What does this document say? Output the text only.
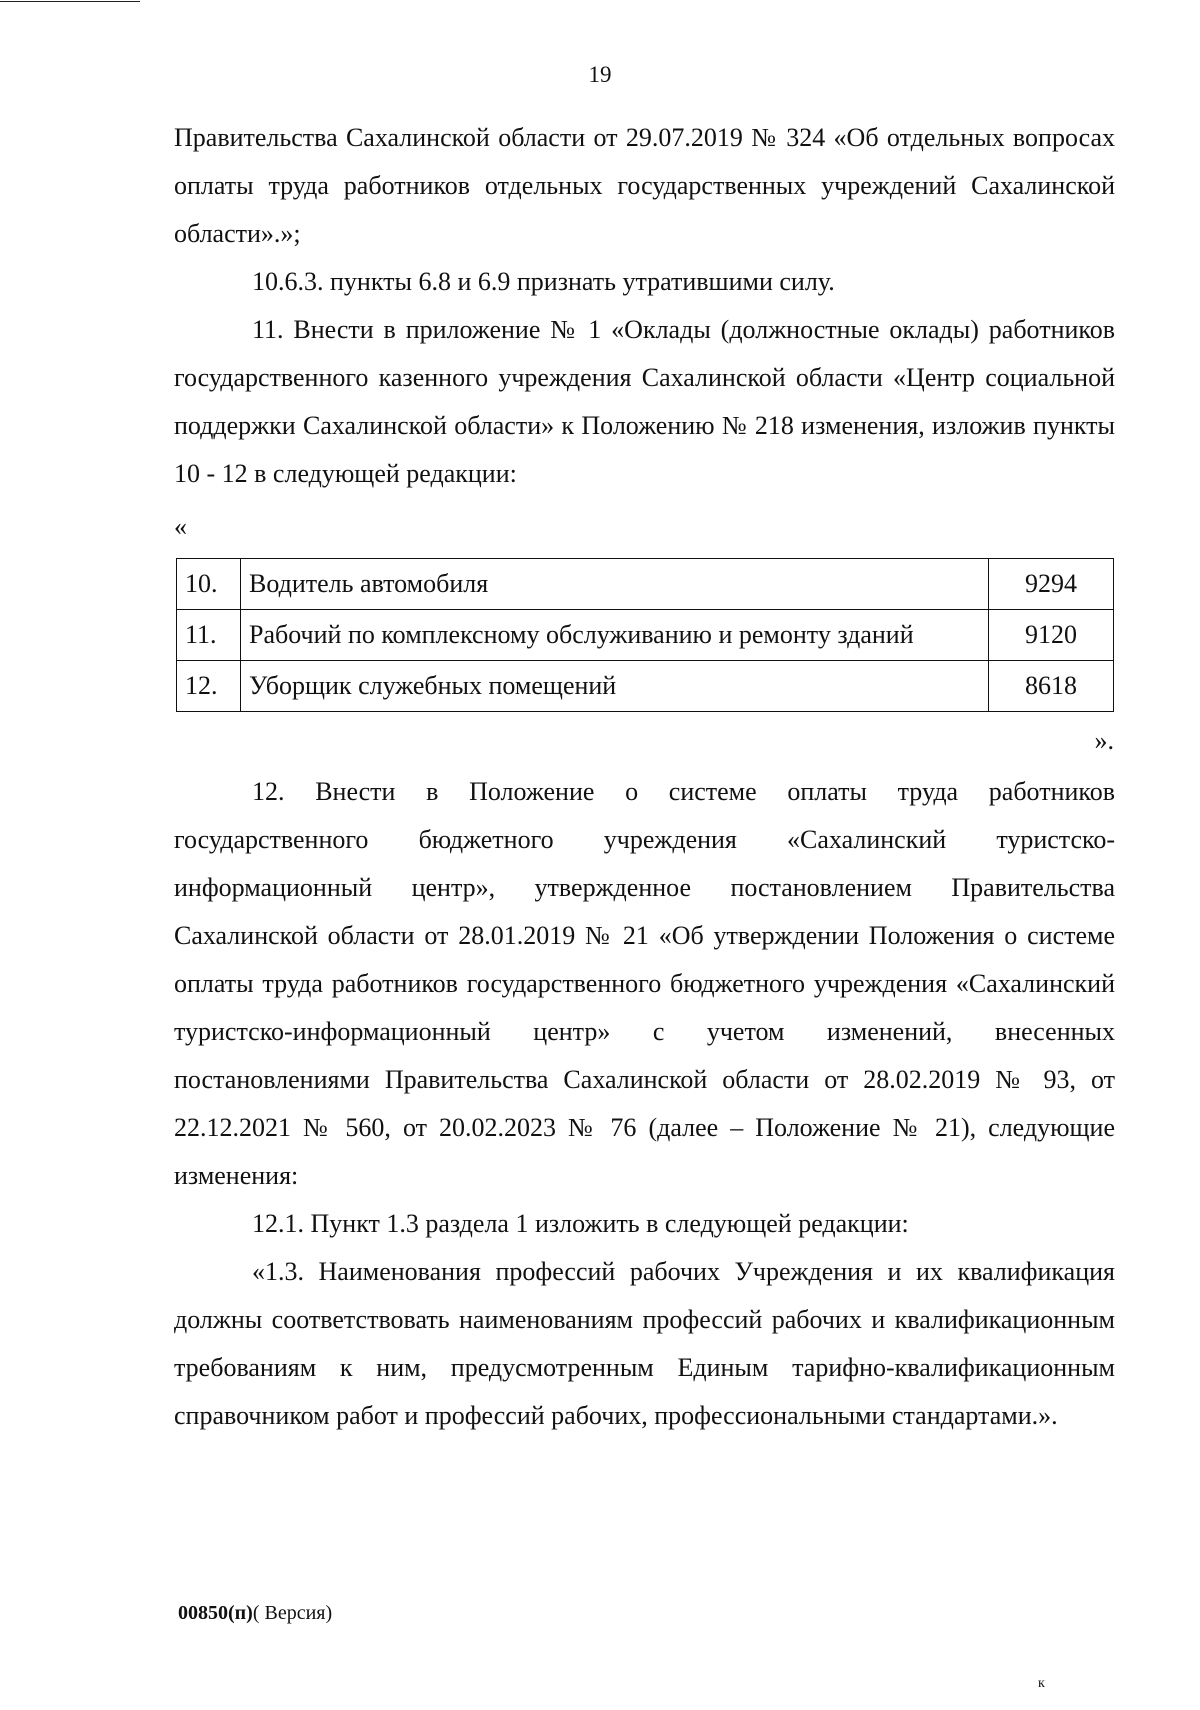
19

Правительства Сахалинской области от 29.07.2019 № 324 «Об отдельных вопросах оплаты труда работников отдельных государственных учреждений Сахалинской области».»;

10.6.3. пункты 6.8 и 6.9 признать утратившими силу.

11. Внести в приложение № 1 «Оклады (должностные оклады) работников государственного казенного учреждения Сахалинской области «Центр социальной поддержки Сахалинской области» к Положению № 218 изменения, изложив пункты 10 - 12 в следующей редакции:

«
10.	Водитель автомобиля	9294
11.	Рабочий по комплексному обслуживанию и ремонту зданий	9120
12.	Уборщик служебных помещений	8618
».

12. Внести в Положение о системе оплаты труда работников государственного бюджетного учреждения «Сахалинский туристско-информационный центр», утвержденное постановлением Правительства Сахалинской области от 28.01.2019 № 21 «Об утверждении Положения о системе оплаты труда работников государственного бюджетного учреждения «Сахалинский туристско-информационный центр» с учетом изменений, внесенных постановлениями Правительства Сахалинской области от 28.02.2019 № 93, от 22.12.2021 № 560, от 20.02.2023 № 76 (далее – Положение № 21), следующие изменения:

12.1. Пункт 1.3 раздела 1 изложить в следующей редакции:

«1.3. Наименования профессий рабочих Учреждения и их квалификация должны соответствовать наименованиям профессий рабочих и квалификационным требованиям к ним, предусмотренным Единым тарифно-квалификационным справочником работ и профессий рабочих, профессиональными стандартами.».

00850(п)( Версия)
к
